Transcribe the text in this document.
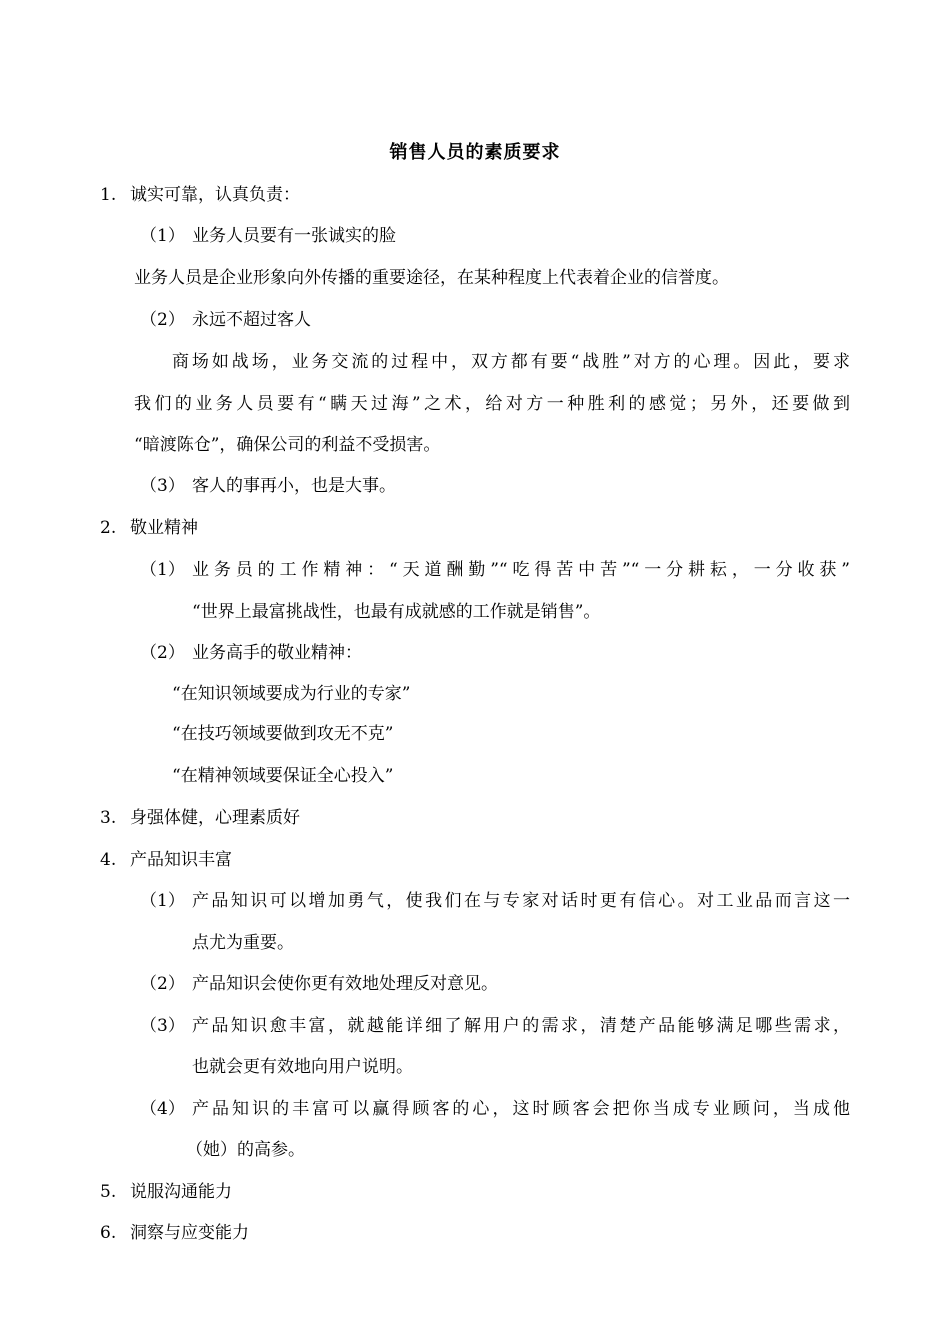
销售人员的素质要求
1. 诚实可靠，认真负责：
（1） 业务人员要有一张诚实的脸
业务人员是企业形象向外传播的重要途径，在某种程度上代表着企业的信誉度。
（2） 永远不超过客人
商场如战场，业务交流的过程中，双方都有要“战胜”对方的心理。因此，要求
我们的业务人员要有“瞒天过海”之术，给对方一种胜利的感觉；另外，还要做到
“暗渡陈仓”，确保公司的利益不受损害。
（3） 客人的事再小，也是大事。
2. 敬业精神
（1） 业务员的工作精神：“天道酬勤”“吃得苦中苦”“一分耕耘，一分收获”
“世界上最富挑战性，也最有成就感的工作就是销售”。
（2） 业务高手的敬业精神：
“在知识领域要成为行业的专家”
“在技巧领域要做到攻无不克”
“在精神领域要保证全心投入”
3. 身强体健，心理素质好
4. 产品知识丰富
（1） 产品知识可以增加勇气，使我们在与专家对话时更有信心。对工业品而言这一
点尤为重要。
（2） 产品知识会使你更有效地处理反对意见。
（3） 产品知识愈丰富，就越能详细了解用户的需求，清楚产品能够满足哪些需求，
也就会更有效地向用户说明。
（4） 产品知识的丰富可以赢得顾客的心，这时顾客会把你当成专业顾问，当成他
（她）的高参。
5. 说服沟通能力
6. 洞察与应变能力
